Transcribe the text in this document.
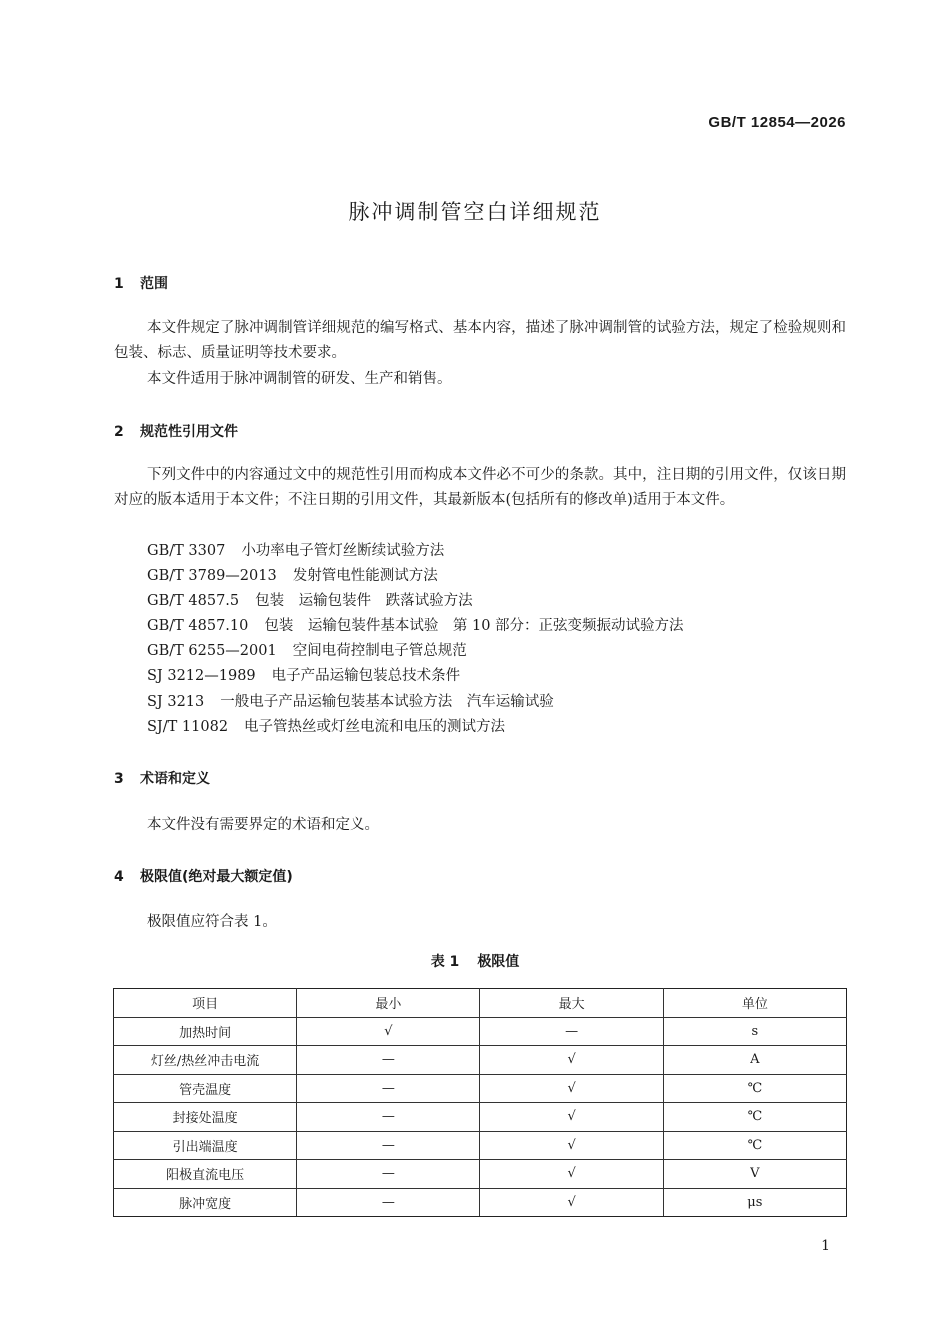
GB/T 12854—2026
脉冲调制管空白详细规范
1 范围
本文件规定了脉冲调制管详细规范的编写格式、基本内容，描述了脉冲调制管的试验方法，规定了检验规则和包装、标志、质量证明等技术要求。
本文件适用于脉冲调制管的研发、生产和销售。
2 规范性引用文件
下列文件中的内容通过文中的规范性引用而构成本文件必不可少的条款。其中，注日期的引用文件，仅该日期对应的版本适用于本文件；不注日期的引用文件，其最新版本(包括所有的修改单)适用于本文件。
GB/T 3307 小功率电子管灯丝断续试验方法
GB/T 3789—2013 发射管电性能测试方法
GB/T 4857.5 包装　运输包装件　跌落试验方法
GB/T 4857.10 包装　运输包装件基本试验　第 10 部分：正弦变频振动试验方法
GB/T 6255—2001 空间电荷控制电子管总规范
SJ 3212—1989 电子产品运输包装总技术条件
SJ 3213 一般电子产品运输包装基本试验方法　汽车运输试验
SJ/T 11082 电子管热丝或灯丝电流和电压的测试方法
3 术语和定义
本文件没有需要界定的术语和定义。
4 极限值(绝对最大额定值)
极限值应符合表 1。
表 1 极限值
项目	最小	最大	单位
加热时间	√	—	s
灯丝/热丝冲击电流	—	√	A
管壳温度	—	√	℃
封接处温度	—	√	℃
引出端温度	—	√	℃
阳极直流电压	—	√	V
脉冲宽度	—	√	μs
1
